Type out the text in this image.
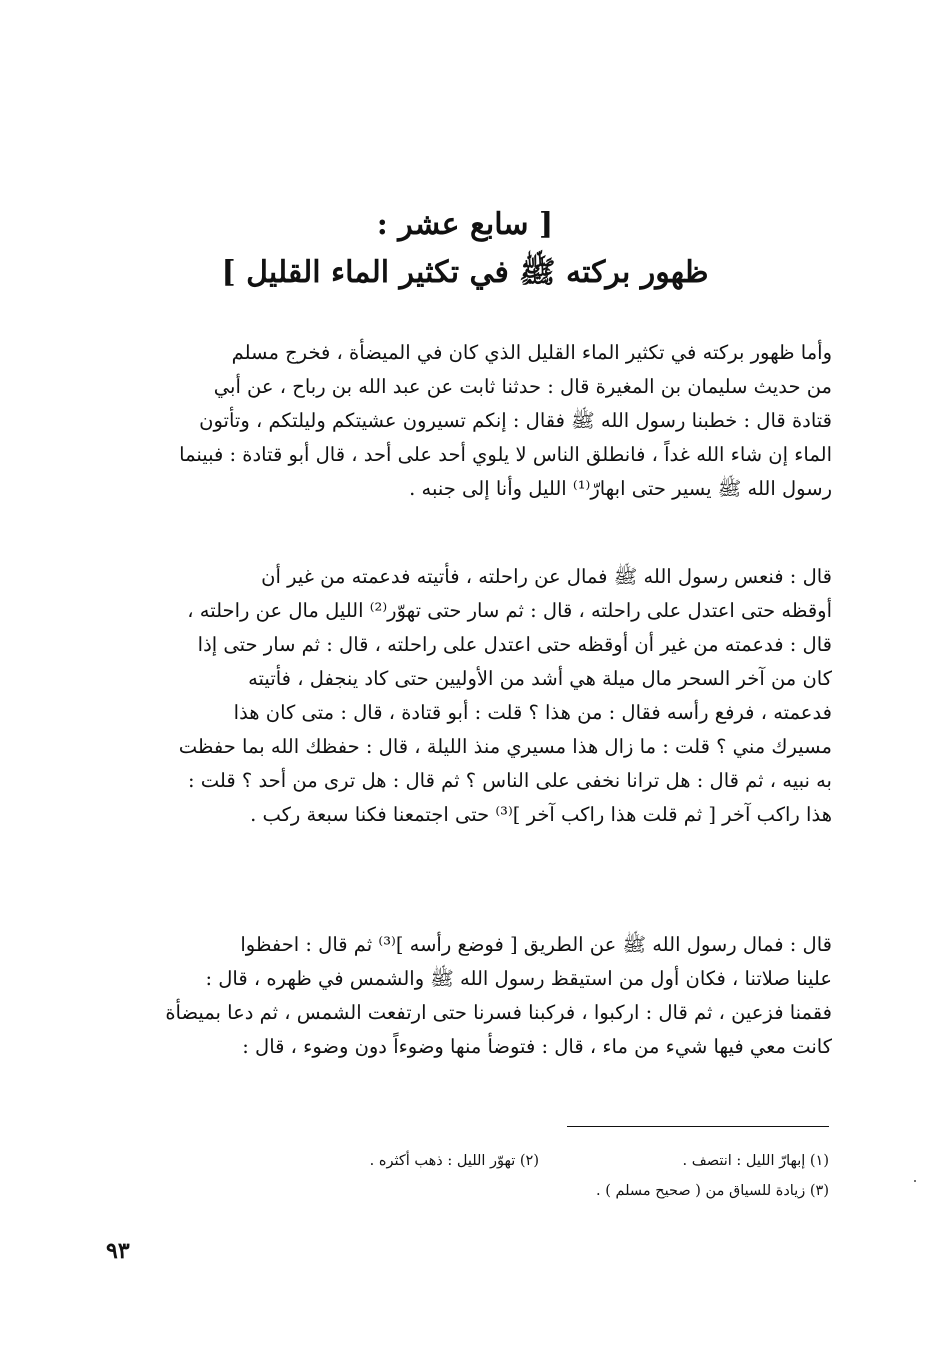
[ سابع عشر :
ظهور بركته ﷺ في تكثير الماء القليل ]
وأما ظهور بركته في تكثير الماء القليل الذي كان في الميضأة ، فخرج مسلم
من حديث سليمان بن المغيرة قال : حدثنا ثابت عن عبد الله بن رباح ، عن أبي
قتادة قال : خطبنا رسول الله ﷺ فقال : إنكم تسيرون عشيتكم وليلتكم ، وتأتون
الماء إن شاء الله غداً ، فانطلق الناس لا يلوي أحد على أحد ، قال أبو قتادة : فبينما
رسول الله ﷺ يسير حتى ابهارّ⁽¹⁾ الليل وأنا إلى جنبه .
قال : فنعس رسول الله ﷺ فمال عن راحلته ، فأتيته فدعمته من غير أن
أوقظه حتى اعتدل على راحلته ، قال : ثم سار حتى تهوّر⁽²⁾ الليل مال عن راحلته ،
قال : فدعمته من غير أن أوقظه حتى اعتدل على راحلته ، قال : ثم سار حتى إذا
كان من آخر السحر مال ميلة هي أشد من الأوليين حتى كاد ينجفل ، فأتيته
فدعمته ، فرفع رأسه فقال : من هذا ؟ قلت : أبو قتادة ، قال : متى كان هذا
مسيرك مني ؟ قلت : ما زال هذا مسيري منذ الليلة ، قال : حفظك الله بما حفظت
به نبيه ، ثم قال : هل ترانا نخفى على الناس ؟ ثم قال : هل ترى من أحد ؟ قلت :
هذا راكب آخر [ ثم قلت هذا راكب آخر ]⁽³⁾ حتى اجتمعنا فكنا سبعة ركب .
قال : فمال رسول الله ﷺ عن الطريق [ فوضع رأسه ]⁽³⁾ ثم قال : احفظوا
علينا صلاتنا ، فكان أول من استيقظ رسول الله ﷺ والشمس في ظهره ، قال :
فقمنا فزعين ، ثم قال : اركبوا ، فركبنا فسرنا حتى ارتفعت الشمس ، ثم دعا بميضأة
كانت معي فيها شيء من ماء ، قال : فتوضأ منها وضوءاً دون وضوء ، قال :
(١) إبهارّ الليل : انتصف .
(٢) تهوّر الليل : ذهب أكثره .
(٣) زيادة للسياق من ( صحيح مسلم ) .
٩٣
